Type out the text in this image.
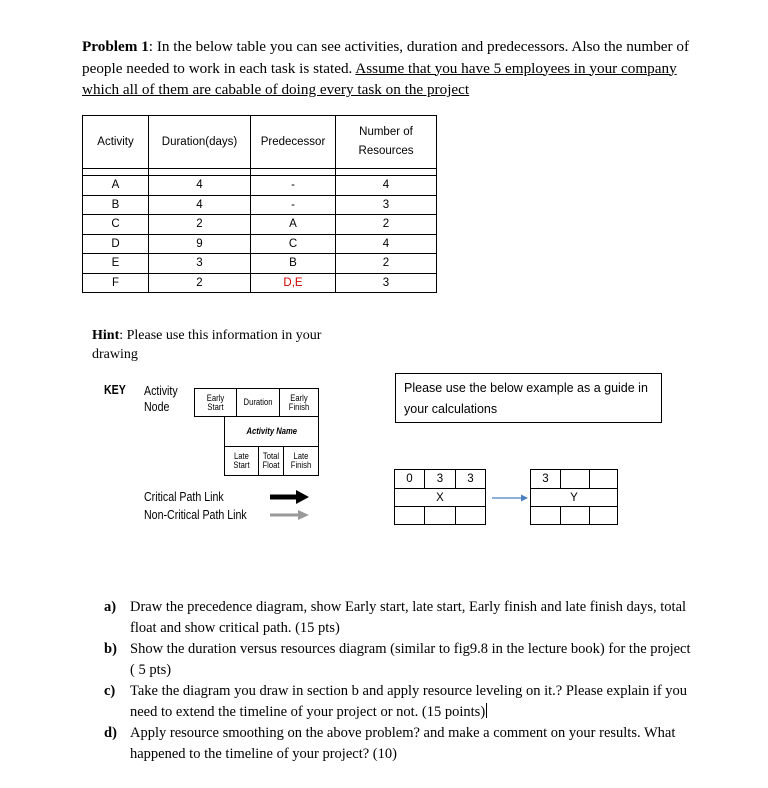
Problem 1: In the below table you can see activities, duration and predecessors. Also the number of people needed to work in each task is stated. Assume that you have 5 employees in your company which all of them are cabable of doing every task on the project
Activity	Duration(days)	Predecessor	Number of Resources

A	4	-	4
B	4	-	3
C	2	A	2
D	9	C	4
E	3	B	2
F	2	D,E	3
Hint: Please use this information in your drawing
KEY Activity Node
Early Start	Duration	Early Finish
Activity Name
Late Start
Total Float
Late Finish
Critical Path Link
Non-Critical Path Link
Please use the below example as a guide in your calculations
0	3	3
X
3
Y
a) Draw the precedence diagram, show Early start, late start, Early finish and late finish days, total float and show critical path. (15 pts)
b) Show the duration versus resources diagram (similar to fig9.8 in the lecture book) for the project ( 5 pts)
c) Take the diagram you draw in section b and apply resource leveling on it.? Please explain if you need to extend the timeline of your project or not. (15 points)
d) Apply resource smoothing on the above problem? and make a comment on your results. What happened to the timeline of your project? (10)
